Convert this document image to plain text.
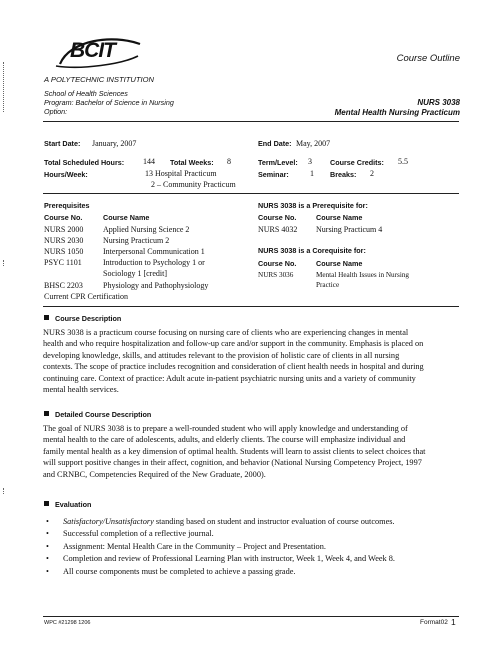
BCIT
A POLYTECHNIC INSTITUTION
Course Outline
School of Health Sciences
Program: Bachelor of Science in Nursing
Option:
NURS 3038
Mental Health Nursing Practicum
Start Date: January, 2007	End Date: May, 2007
Total Scheduled Hours: 144 Total Weeks: 8
Hours/Week:	13 Hospital Practicum
2 – Community Practicum
Term/Level: 3	Course Credits: 5.5
Seminar:	1 Breaks: 2
Prerequisites
Course No.	Course Name
NURS 2000 Applied Nursing Science 2
NURS 2030 Nursing Practicum 2
NURS 1050 Interpersonal Communication 1
PSYC 1101	Introduction to Psychology 1 or
Sociology 1 [credit]
BHSC 2203	Physiology and Pathophysiology
Current CPR Certification
NURS 3038 is a Prerequisite for:
Course No.	Course Name
NURS 4032 Nursing Practicum 4
NURS 3038 is a Corequisite for:
Course No.	Course Name
NURS 3036	Mental Health Issues in Nursing
Practice
Course Description
NURS 3038 is a practicum course focusing on nursing care of clients who are experiencing changes in mental
health and who require hospitalization and follow-up care and/or support in the community. Emphasis is placed on
developing knowledge, skills, and attitudes relevant to the provision of holistic care of clients in all nursing
contexts. The scope of practice includes recognition and consideration of client health needs in hospital and during
continuing care. Context of practice: Adult acute in-patient psychiatric nursing units and a variety of community
mental health services.
Detailed Course Description
The goal of NURS 3038 is to prepare a well-rounded student who will apply knowledge and understanding of
mental health to the care of adolescents, adults, and elderly clients. The course will emphasize individual and
family mental health as a key dimension of optimal health. Students will learn to assist clients to select choices that
will support positive changes in their affect, cognition, and behavior (National Nursing Competency Project, 1997
and CRNBC, Competencies Required of the New Graduate, 2000).
Evaluation
• Satisfactory/Unsatisfactory standing based on student and instructor evaluation of course outcomes.
• Successful completion of a reflective journal.
• Assignment: Mental Health Care in the Community – Project and Presentation.
• Completion and review of Professional Learning Plan with instructor, Week 1, Week 4, and Week 8.
• All course components must be completed to achieve a passing grade.
WPC #21298 1206	Format02 1
